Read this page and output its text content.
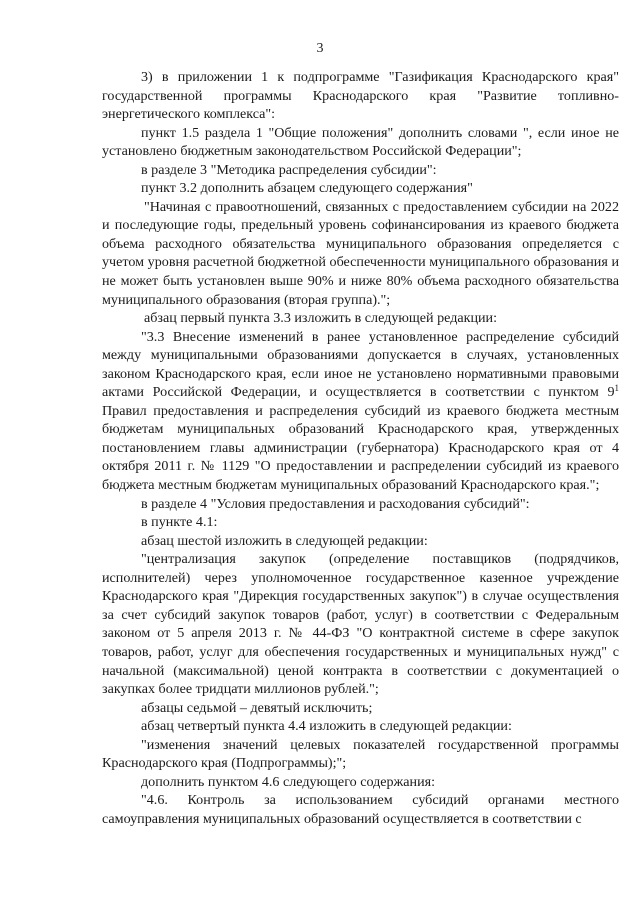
3

3) в приложении 1 к подпрограмме "Газификация Краснодарского края" государственной программы Краснодарского края "Развитие топливно-энергетического комплекса":

пункт 1.5 раздела 1 "Общие положения" дополнить словами ", если иное не установлено бюджетным законодательством Российской Федерации";

в разделе 3 "Методика распределения субсидии":

пункт 3.2 дополнить абзацем следующего содержания"

"Начиная с правоотношений, связанных с предоставлением субсидии на 2022 и последующие годы, предельный уровень софинансирования из краевого бюджета объема расходного обязательства муниципального образования определяется с учетом уровня расчетной бюджетной обеспеченности муниципального образования и не может быть установлен выше 90% и ниже 80% объема расходного обязательства муниципального образования (вторая группа).";

абзац первый пункта 3.3 изложить в следующей редакции:

"3.3 Внесение изменений в ранее установленное распределение субсидий между муниципальными образованиями допускается в случаях, установленных законом Краснодарского края, если иное не установлено нормативными правовыми актами Российской Федерации, и осуществляется в соответствии с пунктом $9^1$ Правил предоставления и распределения субсидий из краевого бюджета местным бюджетам муниципальных образований Краснодарского края, утвержденных постановлением главы администрации (губернатора) Краснодарского края от 4 октября 2011 г. № 1129 "О предоставлении и распределении субсидий из краевого бюджета местным бюджетам муниципальных образований Краснодарского края.";

в разделе 4 "Условия предоставления и расходования субсидий":

в пункте 4.1:

абзац шестой изложить в следующей редакции:

"централизация закупок (определение поставщиков (подрядчиков, исполнителей) через уполномоченное государственное казенное учреждение Краснодарского края "Дирекция государственных закупок") в случае осуществления за счет субсидий закупок товаров (работ, услуг) в соответствии с Федеральным законом от 5 апреля 2013 г. № 44-ФЗ "О контрактной системе в сфере закупок товаров, работ, услуг для обеспечения государственных и муниципальных нужд" с начальной (максимальной) ценой контракта в соответствии с документацией о закупках более тридцати миллионов рублей.";

абзацы седьмой – девятый исключить;

абзац четвертый пункта 4.4 изложить в следующей редакции:

"изменения значений целевых показателей государственной программы Краснодарского края (Подпрограммы);";

дополнить пунктом 4.6 следующего содержания:

"4.6. Контроль за использованием субсидий органами местного самоуправления муниципальных образований осуществляется в соответствии с
